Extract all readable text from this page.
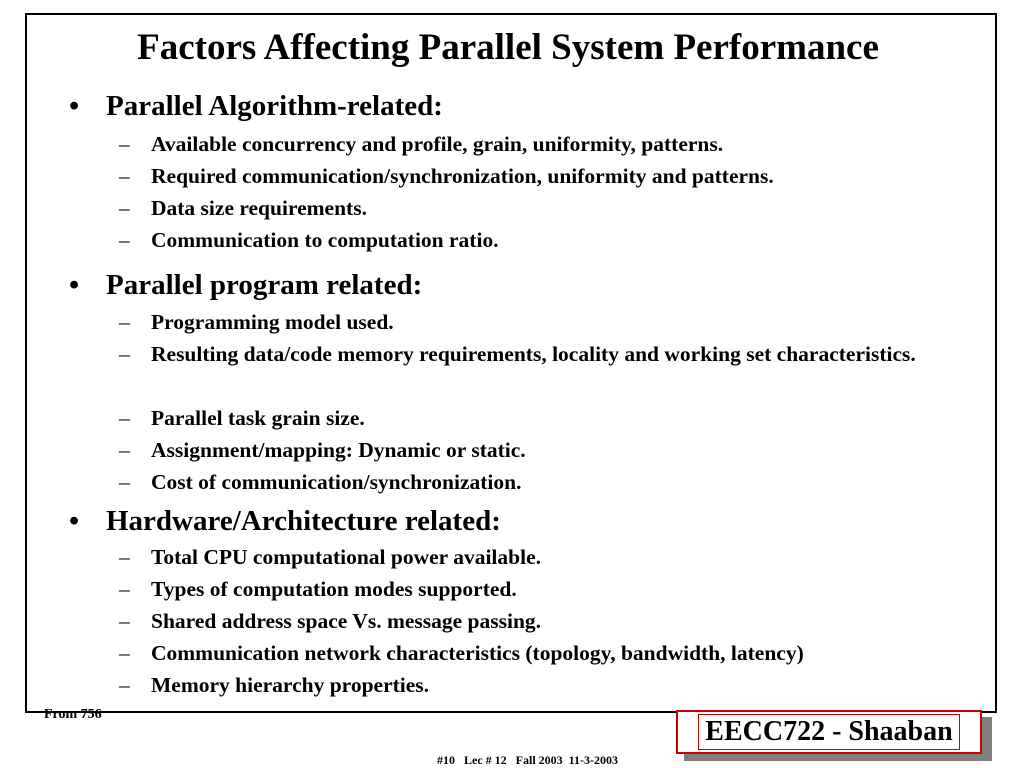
Factors Affecting Parallel System Performance
• Parallel Algorithm-related:
– Available concurrency and profile, grain, uniformity, patterns.
– Required communication/synchronization, uniformity and patterns.
– Data size requirements.
– Communication to computation ratio.
• Parallel program related:
– Programming model used.
– Resulting data/code memory requirements, locality and working set characteristics.
– Parallel task grain size.
– Assignment/mapping: Dynamic or static.
– Cost of communication/synchronization.
• Hardware/Architecture related:
– Total CPU computational power available.
– Types of computation modes supported.
– Shared address space Vs. message passing.
– Communication network characteristics (topology, bandwidth, latency)
– Memory hierarchy properties.
From 756
EECC722 - Shaaban
#10   Lec # 12   Fall 2003  11-3-2003
